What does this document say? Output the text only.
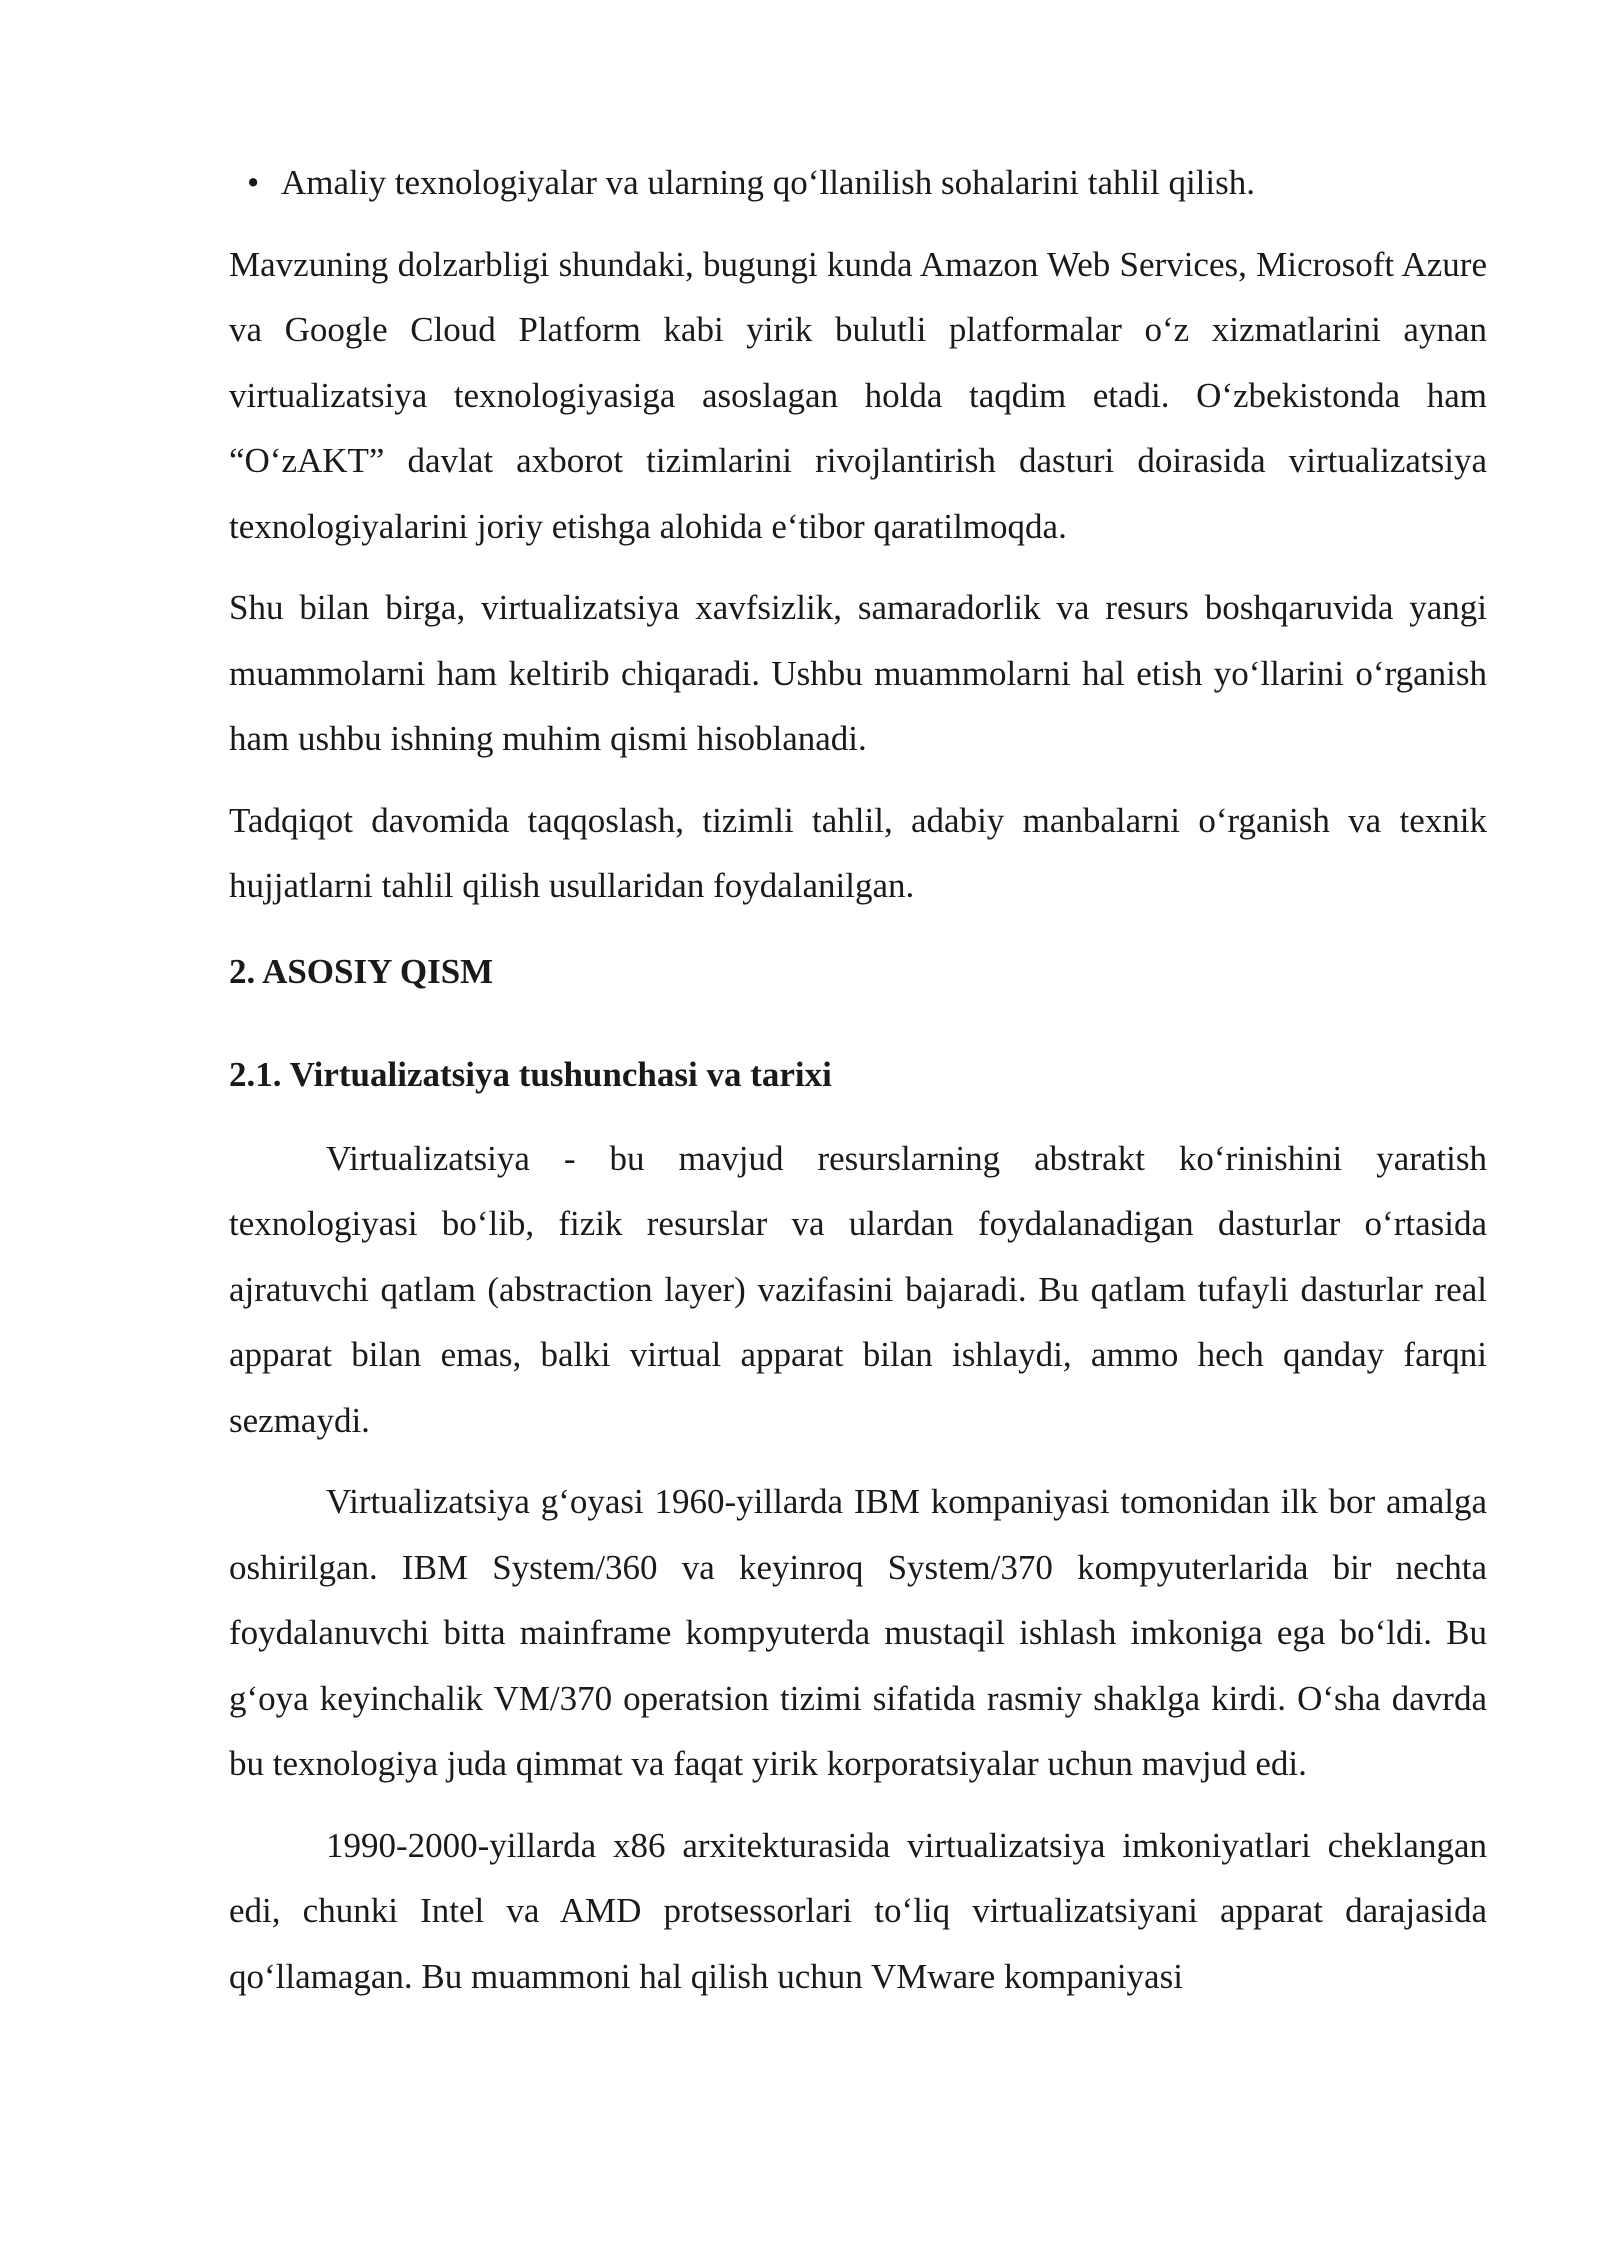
• Amaliy texnologiyalar va ularning qo‘llanilish sohalarini tahlil qilish.

Mavzuning dolzarbligi shundaki, bugungi kunda Amazon Web Services, Microsoft Azure va Google Cloud Platform kabi yirik bulutli platformalar o‘z xizmatlarini aynan virtualizatsiya texnologiyasiga asoslagan holda taqdim etadi. O‘zbekistonda ham “O‘zAKT” davlat axborot tizimlarini rivojlantirish dasturi doirasida virtualizatsiya texnologiyalarini joriy etishga alohida e‘tibor qaratilmoqda.

Shu bilan birga, virtualizatsiya xavfsizlik, samaradorlik va resurs boshqaruvida yangi muammolarni ham keltirib chiqaradi. Ushbu muammolarni hal etish yo‘llarini o‘rganish ham ushbu ishning muhim qismi hisoblanadi.

Tadqiqot davomida taqqoslash, tizimli tahlil, adabiy manbalarni o‘rganish va texnik hujjatlarni tahlil qilish usullaridan foydalanilgan.

2. ASOSIY QISM
2.1. Virtualizatsiya tushunchasi va tarixi

Virtualizatsiya - bu mavjud resurslarning abstrakt ko‘rinishini yaratish texnologiyasi bo‘lib, fizik resurslar va ulardan foydalanadigan dasturlar o‘rtasida ajratuvchi qatlam (abstraction layer) vazifasini bajaradi. Bu qatlam tufayli dasturlar real apparat bilan emas, balki virtual apparat bilan ishlaydi, ammo hech qanday farqni sezmaydi.

Virtualizatsiya g‘oyasi 1960-yillarda IBM kompaniyasi tomonidan ilk bor amalga oshirilgan. IBM System/360 va keyinroq System/370 kompyuterlarida bir nechta foydalanuvchi bitta mainframe kompyuterda mustaqil ishlash imkoniga ega bo‘ldi. Bu g‘oya keyinchalik VM/370 operatsion tizimi sifatida rasmiy shaklga kirdi. O‘sha davrda bu texnologiya juda qimmat va faqat yirik korporatsiyalar uchun mavjud edi.

1990-2000-yillarda x86 arxitekturasida virtualizatsiya imkoniyatlari cheklangan edi, chunki Intel va AMD protsessorlari to‘liq virtualizatsiyani apparat darajasida qo‘llamagan. Bu muammoni hal qilish uchun VMware kompaniyasi
